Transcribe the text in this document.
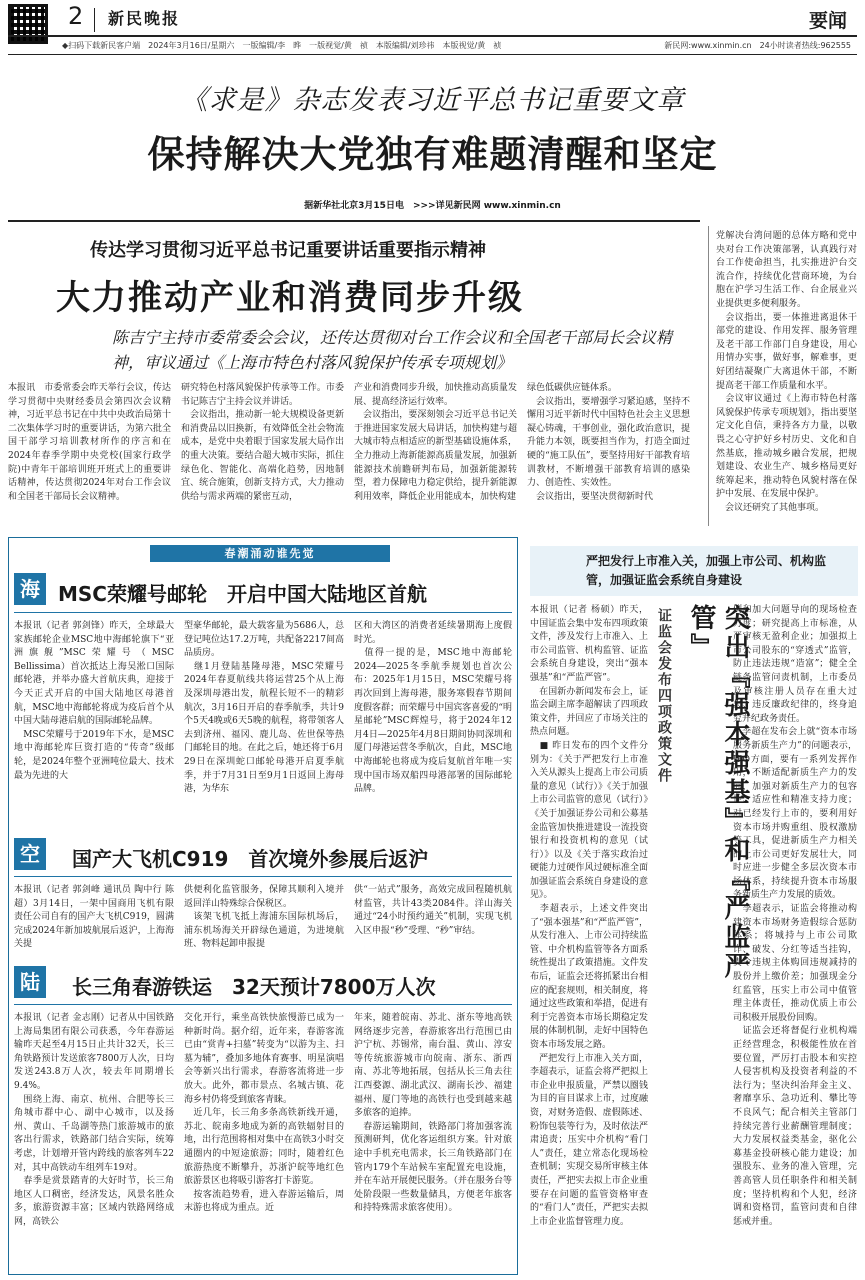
2 新民晚报	要闻
◆扫码下载新民客户端　2024年3月16日/星期六　一版编辑/李　晔　一版视觉/黄　祯　本版编辑/刘珍祎　本版视觉/黄　祯	新民网:www.xinmin.cn　24小时读者热线:962555
《求是》杂志发表习近平总书记重要文章
保持解决大党独有难题清醒和坚定
据新华社北京3月15日电　>>>详见新民网 www.xinmin.cn
传达学习贯彻习近平总书记重要讲话重要指示精神
大力推动产业和消费同步升级
陈吉宁主持市委常委会会议，还传达贯彻对台工作会议和全国老干部局长会议精神，审议通过《上海市特色村落风貌保护传承专项规划》
本报讯　市委常委会昨天举行会议，传达学习贯彻中央财经委员会第四次会议精神，习近平总书记在中共中央政治局第十二次集体学习时的重要讲话，为第六批全国干部学习培训教材所作的序言和在2024年春季学期中央党校(国家行政学院)中青年干部培训班开班式上的重要讲话精神，传达贯彻2024年对台工作会议和全国老干部局长会议精神。
研究特色村落风貌保护传承等工作。市委书记陈吉宁主持会议并讲话。
　会议指出，推动新一轮大规模设备更新和消费品以旧换新，有效降低全社会物流成本，是党中央着眼于国家发展大局作出的重大决策。要结合超大城市实际，抓住绿色化、智能化、高端化趋势，因地制宜、统合施策，创新支持方式，大力推动供给与需求两端的紧密互动，
产业和消费同步升级，加快推动高质量发展、提高经济运行效率。
　会议指出，要深刻领会习近平总书记关于推进国家发展大局讲话，加快构建与超大城市特点相适应的新型基础设施体系，全力推动上海新能源高质量发展，加强新能源技术前瞻研判布局，加强新能源转型，着力保障电力稳定供给，提升新能源利用效率，降低企业用能成本，加快构建
绿色低碳供应链体系。
　会议指出，要增强学习紧迫感，坚持不懈用习近平新时代中国特色社会主义思想凝心铸魂，干事创业，强化政治意识，提升能力本领，既要担当作为，打造全面过硬的“施工队伍”，要坚持用好干部教育培训教材，不断增强干部教育培训的感染力、创造性、实效性。
　会议指出，要坚决贯彻新时代
党解决台湾问题的总体方略和党中央对台工作决策部署，认真践行对台工作使命担当，扎实推进沪台交流合作，持续优化营商环境，为台胞在沪学习生活工作、台企展业兴业提供更多便利服务。
　会议指出，要一体推进离退休干部党的建设、作用发挥、服务管理及老干部工作部门自身建设，用心用情办实事，做好事，解难事，更好团结凝聚广大离退休干部，不断提高老干部工作质量和水平。
　会议审议通过《上海市特色村落风貌保护传承专项规划》，指出要坚定文化自信，秉持各方力量，以敬畏之心守护好乡村历史、文化和自然基底，推动城乡融合发展，把规划建设、农业生产、城乡格局更好统筹起来，推动特色风貌村落在保护中发展、在发展中保护。
　会议还研究了其他事项。
春潮涌动谁先觉
海 MSC荣耀号邮轮　开启中国大陆地区首航
本报讯（记者 郭剑锋）昨天，全球最大家族邮轮企业MSC地中海邮轮旗下“亚洲旗舰”MSC荣耀号（MSC Bellissima）首次抵达上海吴淞口国际邮轮港，并举办盛大首航庆典，迎接于今天正式开启的中国大陆地区母港首航，MSC地中海邮轮将成为疫后首个从中国大陆母港启航的国际邮轮品牌。
　MSC荣耀号于2019年下水，是MSC地中海邮轮库巨资打造的“传奇”级邮轮，是2024年整个亚洲吨位最大、技术最为先进的大
型豪华邮轮，最大载客量为5686人，总登记吨位达17.2万吨，共配备2217间高品质房。
　继1月登陆基隆母港，MSC荣耀号2024年春夏航线共将运营25个从上海及深圳母港出发，航程长短不一的精彩航次，3月16日开启的春季航季，共计9个5天4晚或6天5晚的航程，将带领客人去到济州、福冈、鹿儿岛、佐世保等热门邮轮目的地。在此之后，她还将于6月29日在深圳蛇口邮轮母港开启夏季航季，并于7月31日至9月1日返回上海母港，为华东
区和大湾区的消费者延续暑期海上度假时光。
　值得一提的是，MSC地中海邮轮2024—2025冬季航季规划也首次公布：2025年1月15日，MSC荣耀号将再次回到上海母港，服务寒假春节期间度假客群；而荣耀号中国宾客喜爱的“明星邮轮”MSC辉煌号，将于2024年12月4日—2025年4月8日期间协同深圳和厦门母港运营冬季航次，自此，MSC地中海邮轮也将成为疫后复航首年唯一实现中国市场双船四母港部署的国际邮轮品牌。
空	国产大飞机C919　首次境外参展后返沪
本报讯（记者 郭剑峰 通讯员 陶中行 陈超）3月14日，一架中国商用飞机有限责任公司自有的国产大飞机C919，圆满完成2024年新加坡航展后返沪，上海海关提
供便利化监管服务，保障其顺利入境并返回洋山特殊综合保税区。
　该架飞机飞抵上海浦东国际机场后，浦东机场海关开辟绿色通道，为进境航班、物料起卸申报提
供“一站式”服务，高效完成回程随机航材监管，共计43类2084件。洋山海关通过“24小时预约通关”机制，实现飞机入区申报“秒”受理、“秒”审结。
陆	长三角春游铁运　32天预计7800万人次
本报讯（记者 金志刚）记者从中国铁路上海局集团有限公司获悉，今年春游运输昨天起至4月15日止共计32天，长三角铁路预计发送旅客7800万人次，日均发送243.8万人次，较去年同期增长9.4%。
　围绕上海、南京、杭州、合肥等长三角城市群中心、副中心城市，以及扬州、黄山、千岛湖等热门旅游城市的旅客出行需求，铁路部门结合实际，统筹考虑，计划增开管内跨线的旅客列车22对，其中高铁动车组列车19对。
　春季是赏景踏青的大好时节，长三角地区人口稠密，经济发达，风景名胜众多，旅游资源丰富；区域内铁路网络成网，高铁公
交化开行，乘坐高铁快旅慢游已成为一种新时尚。据介绍，近年来，春游客流已由“赏青+扫墓”转变为“以游为主、扫墓为辅”，叠加多地体育赛事、明星演唱会等新兴出行需求，春游客流将进一步放大。此外，都市景点、名城古镇、花海乡村仍将受到旅客青睐。
　近几年，长三角多条高铁新线开通，苏北、皖南多地成为新的高铁辐射目的地，出行范围将相对集中在高铁3小时交通圈内的中短途旅游；同时，随着红色旅游热度不断攀升，苏浙沪皖等地红色旅游景区也将吸引游客打卡游览。
　按客流趋势看，进入春游运输后，周末游也将成为重点。近
年来，随着皖南、苏北、浙东等地高铁网络逐步完善，春游旅客出行范围已由沪宁杭、苏锡常，南台温、黄山、淳安等传统旅游城市向皖南、浙东、浙西南、苏北等地拓展，包括从长三角去往江西婺源、湖北武汉、湖南长沙、福建福州、厦门等地的高铁行也受到越来越多旅客的追捧。
　春游运输期间，铁路部门将加强客流预测研判，优化客运组织方案。针对旅途中手机充电需求，长三角铁路部门在管内179个车站候车室配置充电设施，并在车站开展便民服务。（并在服务台等处阶段限一些数量储具，方便老年旅客和持特殊需求旅客使用）。
严把发行上市准入关，加强上市公司、机构监管，加强证监会系统自身建设
证监会发布四项政策文件	突出『强本强基』和『严监严管』
本报讯（记者 杨硕）昨天，中国证监会集中发布四项政策文件，涉及发行上市准入、上市公司监管、机构监管、证监会系统自身建设，突出“强本强基”和“严监严管”。
　在国新办新闻发布会上，证监会副主席李超解读了四项政策文件，并回应了市场关注的热点问题。
　■ 昨日发布的四个文件分别为：《关于严把发行上市准入关从源头上提高上市公司质量的意见（试行）》《关于加强上市公司监管的意见（试行）》《关于加强证券公司和公募基金监管加快推进建设一流投资银行和投资机构的意见（试行）》以及《关于落实政治过硬能力过硬作风过硬标准全面加强证监会系统自身建设的意见》。
　李超表示，上述文件突出了“强本强基”和“严监严管”，从发行准入、上市公司持续监管、中介机构监管等各方面系统性提出了政策措施。文件发布后，证监会还将抓紧出台相应的配套规则，相关制度，将通过这些政策和举措，促进有利于完善资本市场长期稳定发展的体制机制，走好中国特色资本市场发展之路。
　严把发行上市准入关方面，李超表示，证监会将严把拟上市企业申报质量，严禁以圈钱为目的盲目谋求上市，过度融资，对财务造假、虚假陈述、粉饰包装等行为，及时依法严肃追责；压实中介机构“看门人”责任，建立常态化现场检查机制；实现交易所审核主体责任，严把实去拟上市企业重要存在问题的监管资格审查的“看门人”责任，严把实去拟上市企业监督管理力度。
例和加大问题导向的现场检查力度；研究提高上市标准，从严审核无盈利企业；加强拟上市公司股东的“穿透式”监管，防止违法违规“造富”；健全全链条监管问责机制，上市委员及审核注册人员存在重大过失、违反廉政纪律的，终身追究并纪政务责任。
　李超在发布会上就“资本市场服务新质生产力”的问题表示，IPO方面，要有一系列发挥作用，不断适配新质生产力的发展，加强对新质生产力的包容性、适应性和精准支持力度；对已经发行上市的，要利用好资本市场并购重组、股权激励等工具，促进新质生产力相关的上市公司更好发展壮大，同时应进一步健全多层次资本市场体系，持续提升资本市场服务新质生产力发展的质效。
　李超表示，证监会将推动构建资本市场财务造假综合惩防体系；将城持与上市公司欺诈、破发、分红等适当挂钩，责令违规主体购回违规减持的股份并上缴价差；加强现金分红监管，压实上市公司中值管理主体责任，推动优质上市公司积极开展股份回购。
　证监会还将督促行业机构端正经营理念，积极能性放在首要位置，严厉打击股本和实控人侵害机构及投资者利益的不法行为；坚决纠治拜金主义、奢靡享乐、急功近利、攀比等不良风气；配合相关主管部门持续完善行业薪酬管理制度；大力发展权益类基金，驱化公募基金投研核心能力建设；加强股东、业务的准入管理，完善高管人员任职条件和相关制度；坚持机构和个人犯，经济调和资格罚，监管问责和自律惩戒并重。
